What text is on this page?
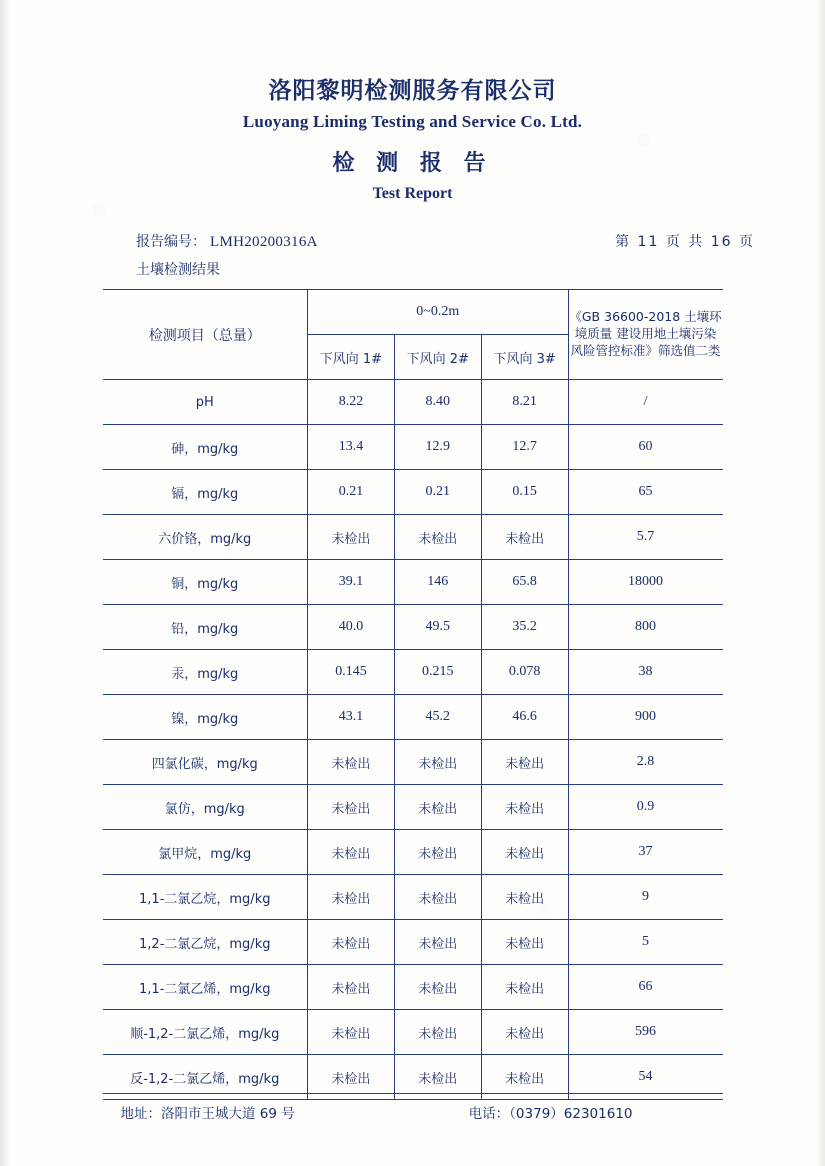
洛阳黎明检测服务有限公司
Luoyang Liming Testing and Service Co. Ltd.
检 测 报 告
Test Report
报告编号： LMH20200316A	第 11 页 共 16 页
土壤检测结果
检测项目（总量）	0~0.2m			《GB 36600-2018 土壤环境质量 建设用地土壤污染风险管控标准》筛选值二类
	下风向 1#	下风向 2#	下风向 3#	
pH	8.22	8.40	8.21	/
砷，mg/kg	13.4	12.9	12.7	60
镉，mg/kg	0.21	0.21	0.15	65
六价铬，mg/kg	未检出	未检出	未检出	5.7
铜，mg/kg	39.1	146	65.8	18000
铅，mg/kg	40.0	49.5	35.2	800
汞，mg/kg	0.145	0.215	0.078	38
镍，mg/kg	43.1	45.2	46.6	900
四氯化碳，mg/kg	未检出	未检出	未检出	2.8
氯仿，mg/kg	未检出	未检出	未检出	0.9
氯甲烷，mg/kg	未检出	未检出	未检出	37
1,1-二氯乙烷，mg/kg	未检出	未检出	未检出	9
1,2-二氯乙烷，mg/kg	未检出	未检出	未检出	5
1,1-二氯乙烯，mg/kg	未检出	未检出	未检出	66
顺-1,2-二氯乙烯，mg/kg	未检出	未检出	未检出	596
反-1,2-二氯乙烯，mg/kg	未检出	未检出	未检出	54
地址：洛阳市王城大道 69 号	电话：（0379）62301610
